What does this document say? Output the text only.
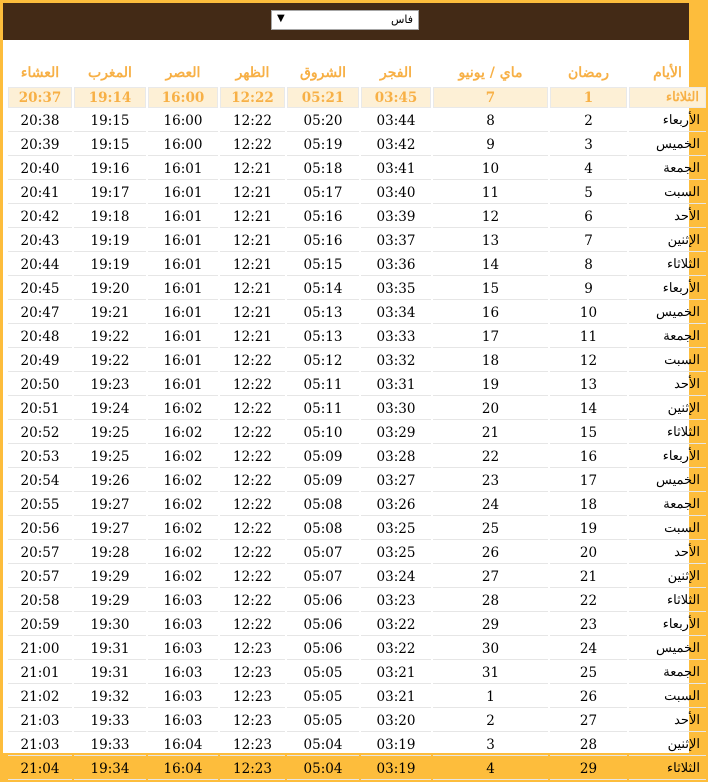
▼	فاس
الأيام	رمضان	ماي / يونيو	الفجر	الشروق	الظهر	العصر	المغرب	العشاء
الثلاثاء	1	7	03:45	05:21	12:22	16:00	19:14	20:37
الأربعاء	2	8	03:44	05:20	12:22	16:00	19:15	20:38
الخميس	3	9	03:42	05:19	12:22	16:00	19:15	20:39
الجمعة	4	10	03:41	05:18	12:21	16:01	19:16	20:40
السبت	5	11	03:40	05:17	12:21	16:01	19:17	20:41
الأحد	6	12	03:39	05:16	12:21	16:01	19:18	20:42
الإثنين	7	13	03:37	05:16	12:21	16:01	19:19	20:43
الثلاثاء	8	14	03:36	05:15	12:21	16:01	19:19	20:44
الأربعاء	9	15	03:35	05:14	12:21	16:01	19:20	20:45
الخميس	10	16	03:34	05:13	12:21	16:01	19:21	20:47
الجمعة	11	17	03:33	05:13	12:21	16:01	19:22	20:48
السبت	12	18	03:32	05:12	12:22	16:01	19:22	20:49
الأحد	13	19	03:31	05:11	12:22	16:01	19:23	20:50
الإثنين	14	20	03:30	05:11	12:22	16:02	19:24	20:51
الثلاثاء	15	21	03:29	05:10	12:22	16:02	19:25	20:52
الأربعاء	16	22	03:28	05:09	12:22	16:02	19:25	20:53
الخميس	17	23	03:27	05:09	12:22	16:02	19:26	20:54
الجمعة	18	24	03:26	05:08	12:22	16:02	19:27	20:55
السبت	19	25	03:25	05:08	12:22	16:02	19:27	20:56
الأحد	20	26	03:25	05:07	12:22	16:02	19:28	20:57
الإثنين	21	27	03:24	05:07	12:22	16:02	19:29	20:57
الثلاثاء	22	28	03:23	05:06	12:22	16:03	19:29	20:58
الأربعاء	23	29	03:22	05:06	12:22	16:03	19:30	20:59
الخميس	24	30	03:22	05:06	12:23	16:03	19:31	21:00
الجمعة	25	31	03:21	05:05	12:23	16:03	19:31	21:01
السبت	26	1	03:21	05:05	12:23	16:03	19:32	21:02
الأحد	27	2	03:20	05:05	12:23	16:03	19:33	21:03
الإثنين	28	3	03:19	05:04	12:23	16:04	19:33	21:03
الثلاثاء	29	4	03:19	05:04	12:23	16:04	19:34	21:04
